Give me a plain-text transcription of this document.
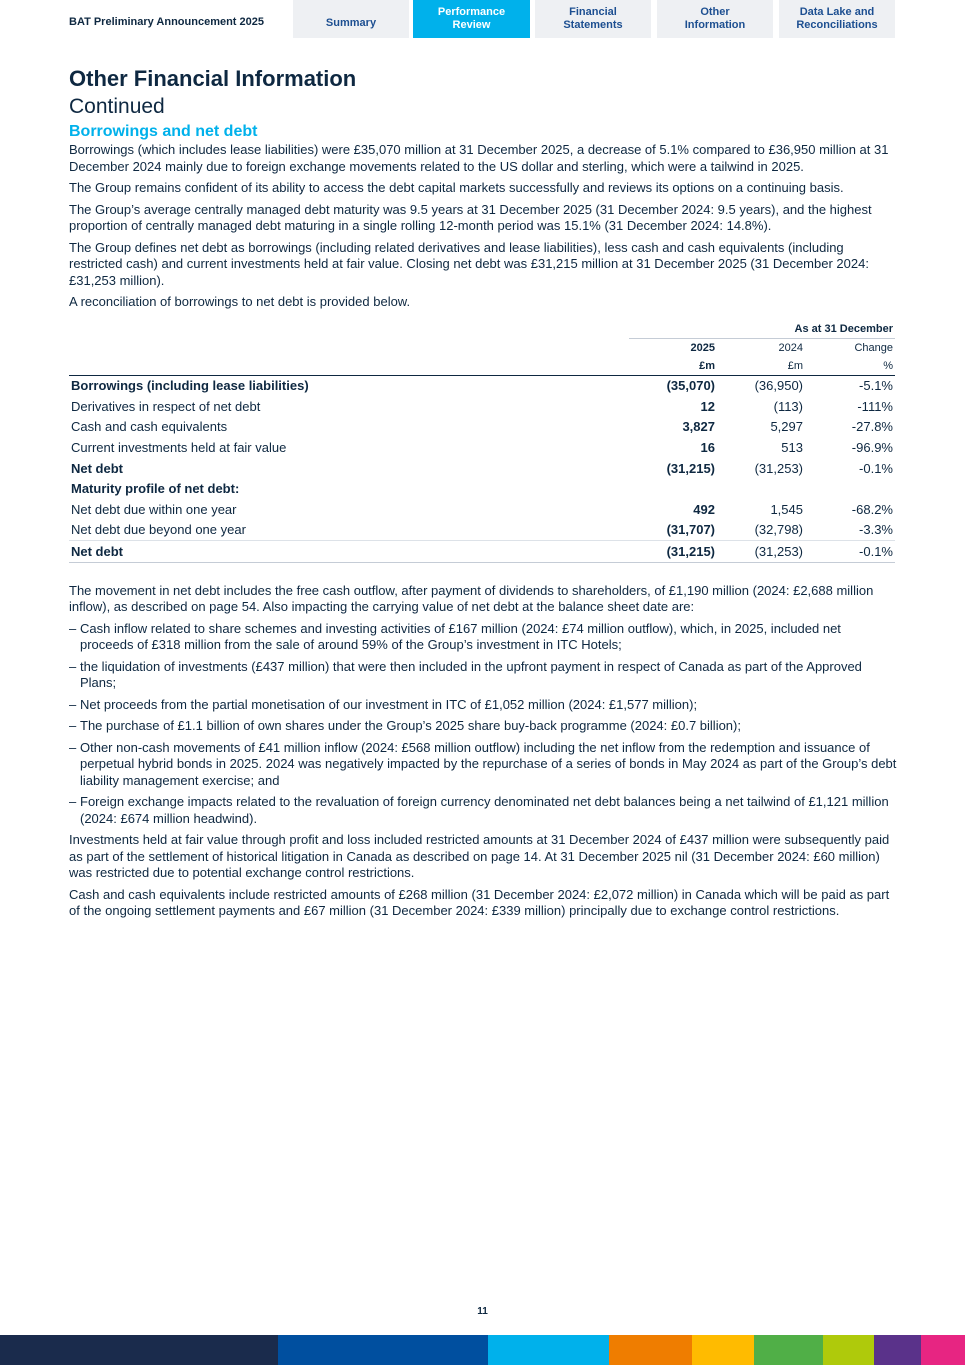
BAT Preliminary Announcement 2025	Summary
Performance
Review
Financial
Statements
Other
Information
Data Lake and
Reconciliations
Other Financial Information
Continued
Borrowings and net debt

Borrowings (which includes lease liabilities) were £35,070 million at 31 December 2025, a decrease of 5.1% compared to £36,950 million at 31 December 2024 mainly due to foreign exchange movements related to the US dollar and sterling, which were a tailwind in 2025.

The Group remains confident of its ability to access the debt capital markets successfully and reviews its options on a continuing basis.

The Group’s average centrally managed debt maturity was 9.5 years at 31 December 2025 (31 December 2024: 9.5 years), and the highest proportion of centrally managed debt maturing in a single rolling 12-month period was 15.1% (31 December 2024: 14.8%).

The Group defines net debt as borrowings (including related derivatives and lease liabilities), less cash and cash equivalents (including restricted cash) and current investments held at fair value. Closing net debt was £31,215 million at 31 December 2025 (31 December 2024: £31,253 million).

A reconciliation of borrowings to net debt is provided below.

	As at 31 December		
	2025	2024	Change
	£m	£m	%
Borrowings (including lease liabilities)	(35,070)	(36,950)	-5.1%
Derivatives in respect of net debt	12	(113)	-111%
Cash and cash equivalents	3,827	5,297	-27.8%
Current investments held at fair value	16	513	-96.9%
Net debt	(31,215)	(31,253)	-0.1%
Maturity profile of net debt:			
Net debt due within one year	492	1,545	-68.2%
Net debt due beyond one year	(31,707)	(32,798)	-3.3%
Net debt	(31,215)	(31,253)	-0.1%

The movement in net debt includes the free cash outflow, after payment of dividends to shareholders, of £1,190 million (2024: £2,688 million inflow), as described on page 54. Also impacting the carrying value of net debt at the balance sheet date are:

– Cash inflow related to share schemes and investing activities of £167 million (2024: £74 million outflow), which, in 2025, included net proceeds of £318 million from the sale of around 59% of the Group’s investment in ITC Hotels;
– the liquidation of investments (£437 million) that were then included in the upfront payment in respect of Canada as part of the Approved Plans;
– Net proceeds from the partial monetisation of our investment in ITC of £1,052 million (2024: £1,577 million);
– The purchase of £1.1 billion of own shares under the Group’s 2025 share buy-back programme (2024: £0.7 billion);
– Other non-cash movements of £41 million inflow (2024: £568 million outflow) including the net inflow from the redemption and issuance of perpetual hybrid bonds in 2025. 2024 was negatively impacted by the repurchase of a series of bonds in May 2024 as part of the Group’s debt liability management exercise; and
– Foreign exchange impacts related to the revaluation of foreign currency denominated net debt balances being a net tailwind of £1,121 million (2024: £674 million headwind).

Investments held at fair value through profit and loss included restricted amounts at 31 December 2024 of £437 million were subsequently paid as part of the settlement of historical litigation in Canada as described on page 14. At 31 December 2025 nil (31 December 2024: £60 million) was restricted due to potential exchange control restrictions.

Cash and cash equivalents include restricted amounts of £268 million (31 December 2024: £2,072 million) in Canada which will be paid as part of the ongoing settlement payments and £67 million (31 December 2024: £339 million) principally due to exchange control restrictions.

11
